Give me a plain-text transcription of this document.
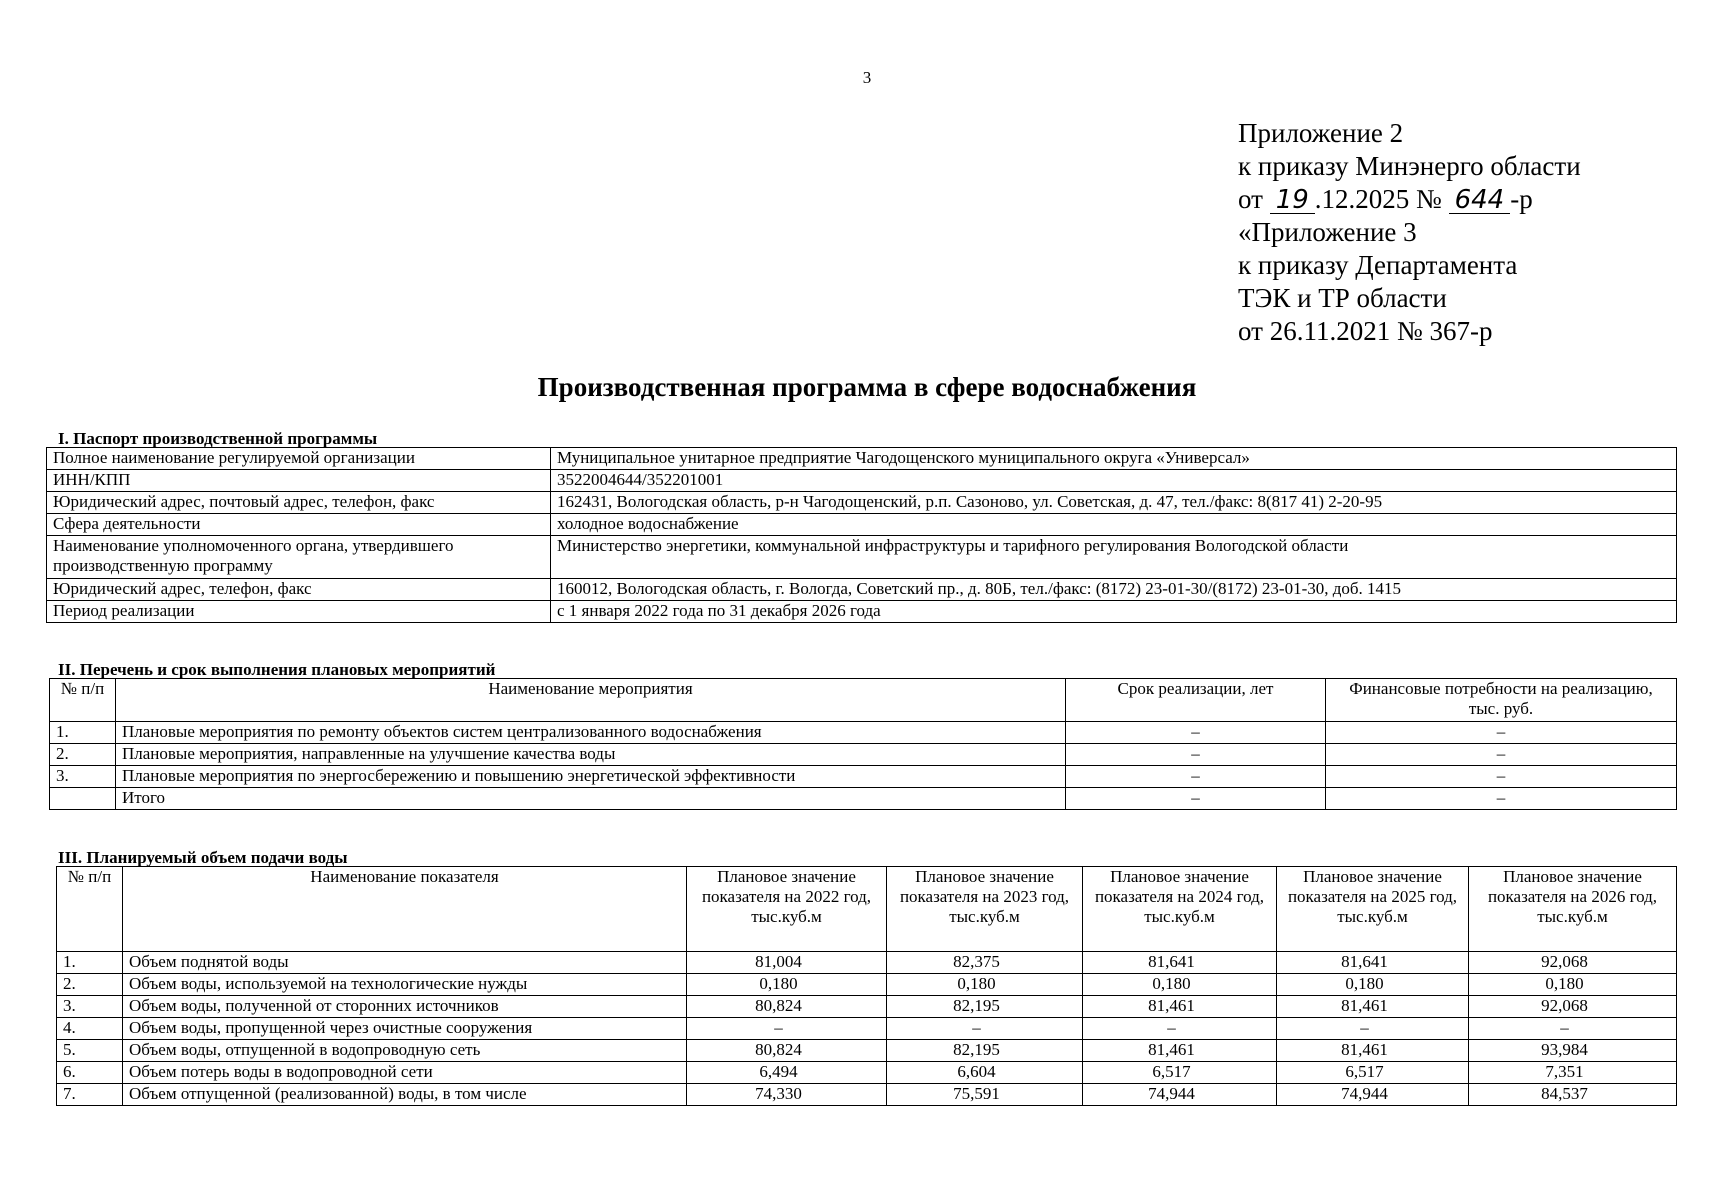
3
Приложение 2
к приказу Минэнерго области
от 19 .12.2025 № 644 -р
«Приложение 3
к приказу Департамента
ТЭК и ТР области
от 26.11.2021 № 367-р
Производственная программа в сфере водоснабжения
I. Паспорт производственной программы
Полное наименование регулируемой организации	Муниципальное унитарное предприятие Чагодощенского муниципального округа «Универсал»
ИНН/КПП	3522004644/352201001
Юридический адрес, почтовый адрес, телефон, факс	162431, Вологодская область, р-н Чагодощенский, р.п. Сазоново, ул. Советская, д. 47, тел./факс: 8(817 41) 2-20-95
Сфера деятельности	холодное водоснабжение
Наименование уполномоченного органа, утвердившего производственную программу	Министерство энергетики, коммунальной инфраструктуры и тарифного регулирования Вологодской области
Юридический адрес, телефон, факс	160012, Вологодская область, г. Вологда, Советский пр., д. 80Б, тел./факс: (8172) 23-01-30/(8172) 23-01-30, доб. 1415
Период реализации	с 1 января 2022 года по 31 декабря 2026 года
II. Перечень и срок выполнения плановых мероприятий
№ п/п	Наименование мероприятия	Срок реализации, лет	Финансовые потребности на реализацию, тыс. руб.
1.	Плановые мероприятия по ремонту объектов систем централизованного водоснабжения	–	–
2.	Плановые мероприятия, направленные на улучшение качества воды	–	–
3.	Плановые мероприятия по энергосбережению и повышению энергетической эффективности	–	–
	Итого	–	–
III. Планируемый объем подачи воды
№ п/п	Наименование показателя	Плановое значение показателя на 2022 год, тыс.куб.м	Плановое значение показателя на 2023 год, тыс.куб.м	Плановое значение показателя на 2024 год, тыс.куб.м	Плановое значение показателя на 2025 год, тыс.куб.м	Плановое значение показателя на 2026 год, тыс.куб.м
1.	Объем поднятой воды	81,004	82,375	81,641	81,641	92,068
2.	Объем воды, используемой на технологические нужды	0,180	0,180	0,180	0,180	0,180
3.	Объем воды, полученной от сторонних источников	80,824	82,195	81,461	81,461	92,068
4.	Объем воды, пропущенной через очистные сооружения	–	–	–	–	–
5.	Объем воды, отпущенной в водопроводную сеть	80,824	82,195	81,461	81,461	93,984
6.	Объем потерь воды в водопроводной сети	6,494	6,604	6,517	6,517	7,351
7.	Объем отпущенной (реализованной) воды, в том числе	74,330	75,591	74,944	74,944	84,537
